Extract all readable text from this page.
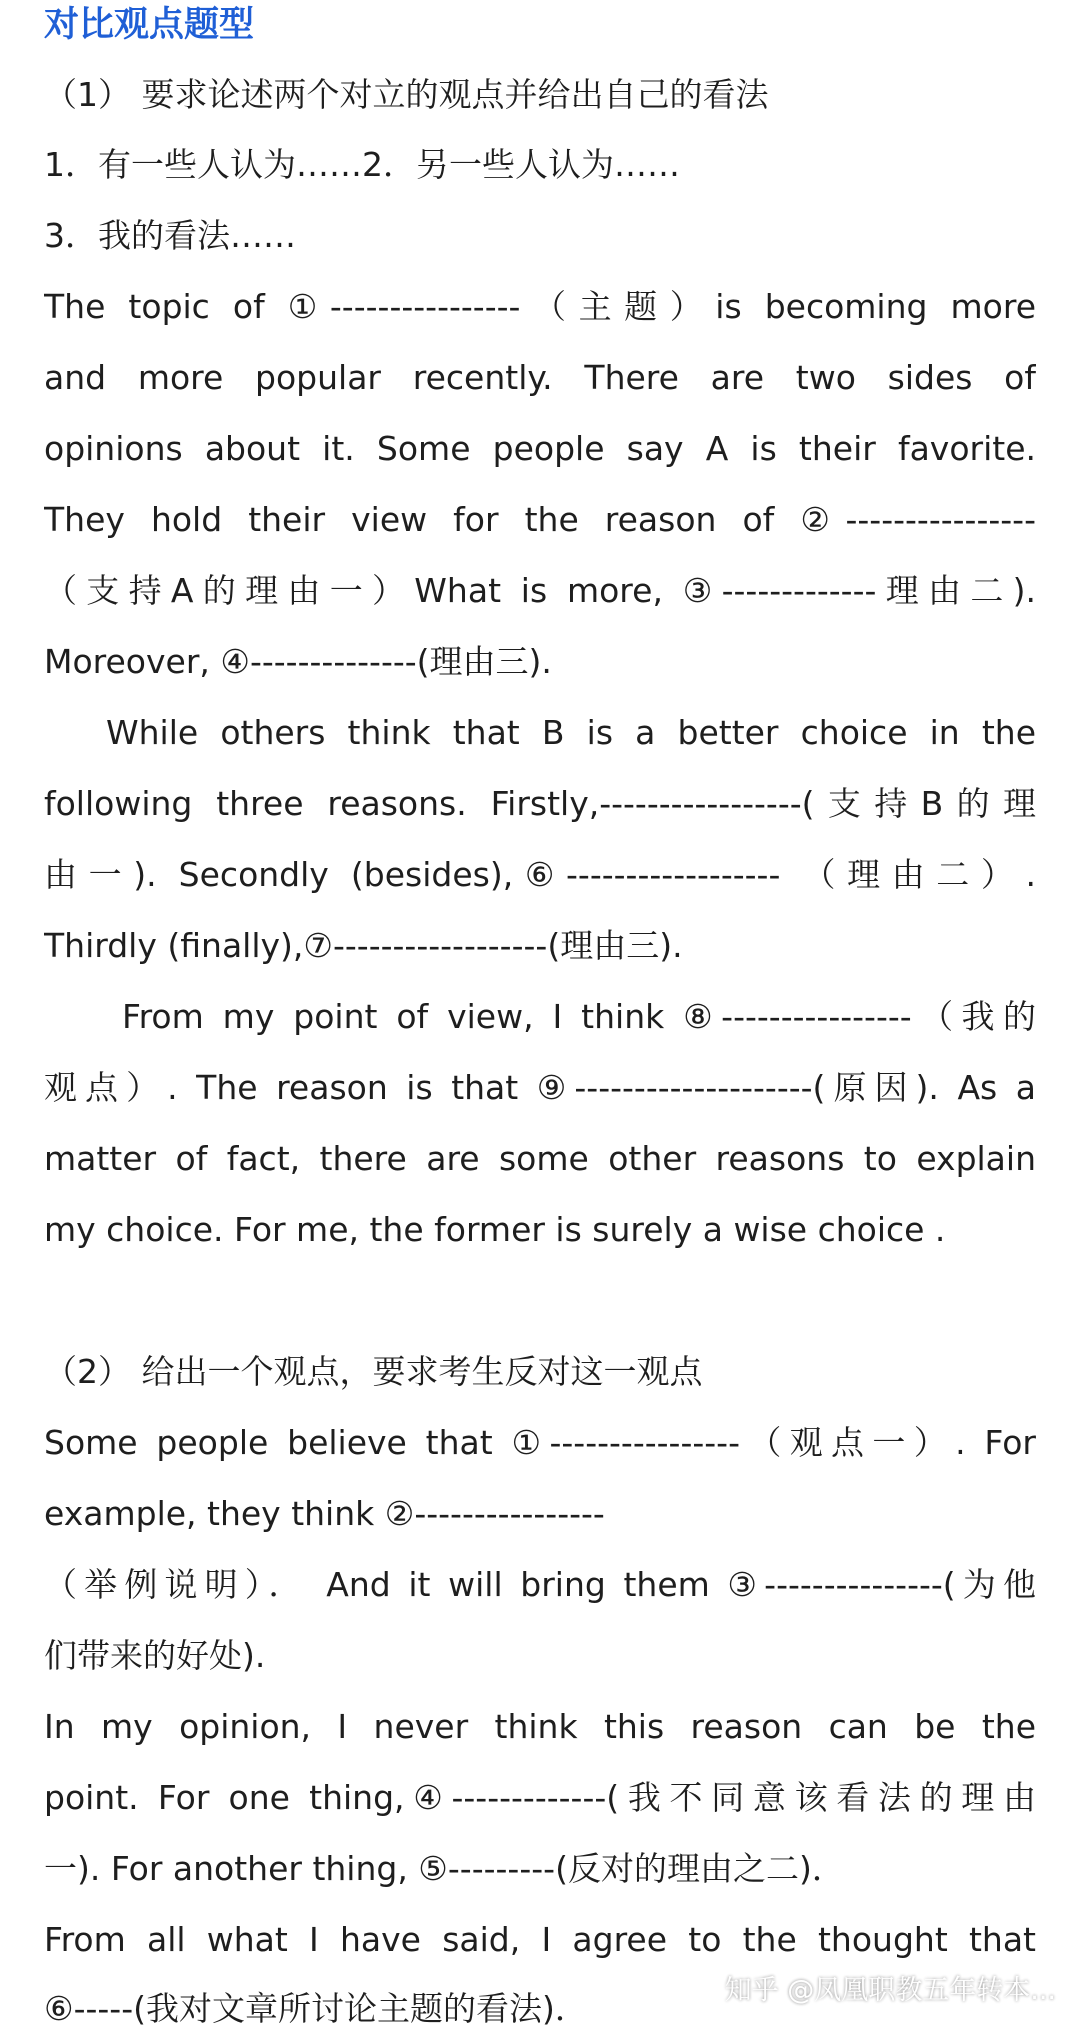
对比观点题型
（1） 要求论述两个对立的观点并给出自己的看法
1．有一些人认为……2．另一些人认为……
3．我的看法……
The topic of ①----------------（主题）is becoming more
and more popular recently. There are two sides of
opinions about it. Some people say A is their favorite.
They hold their view for the reason of ②----------------
（支持A的理由一）What is more, ③-------------理由二).
Moreover, ④--------------(理由三).
While others think that B is a better choice in the
following three reasons. Firstly,-----------------(支持B的理
由一). Secondly (besides),⑥------------------ （理由二）.
Thirdly (finally),⑦------------------(理由三).
From my point of view, I think ⑧----------------（我的
观点）. The reason is that ⑨--------------------(原因). As a
matter of fact, there are some other reasons to explain
my choice. For me, the former is surely a wise choice .
（2） 给出一个观点，要求考生反对这一观点
Some people believe that ①----------------（观点一）. For
example, they think ②----------------
（举例说明）． And it will bring them ③---------------(为他
们带来的好处).
In my opinion, I never think this reason can be the
point. For one thing,④-------------(我不同意该看法的理由
一). For another thing, ⑤---------(反对的理由之二)．
From all what I have said, I agree to the thought that
⑥-----(我对文章所讨论主题的看法)．	知乎 @凤凰职教五年转本...
